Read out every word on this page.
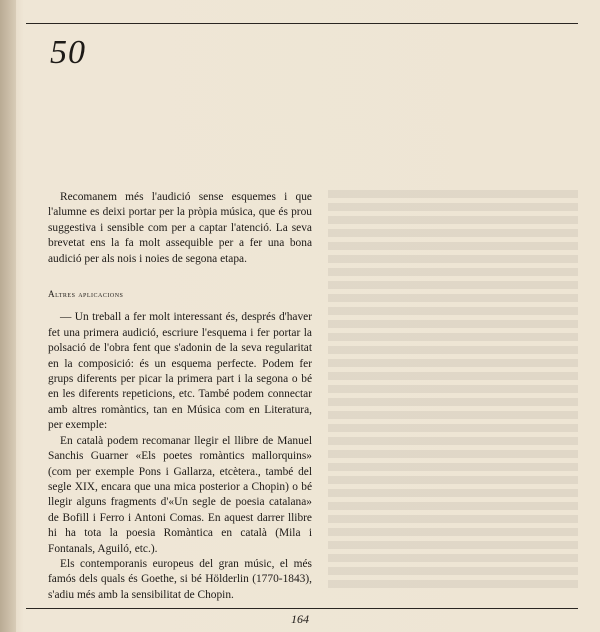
50

Recomanem més l'audició sense esquemes i que l'alumne es deixi portar per la pròpia música, que és prou suggestiva i sensible com per a captar l'atenció. La seva brevetat ens la fa molt assequible per a fer una bona audició per als nois i noies de segona etapa.

Altres aplicacions

— Un treball a fer molt interessant és, després d'haver fet una primera audició, escriure l'esquema i fer portar la polsació de l'obra fent que s'adonin de la seva regularitat en la composició: és un esquema perfecte. Podem fer grups diferents per picar la primera part i la segona o bé en les diferents repeticions, etc. També podem connectar amb altres romàntics, tan en Música com en Literatura, per exemple:

En català podem recomanar llegir el llibre de Manuel Sanchis Guarner «Els poetes romàntics mallorquins» (com per exemple Pons i Gallarza, etcètera., també del segle XIX, encara que una mica posterior a Chopin) o bé llegir alguns fragments d'«Un segle de poesia catalana» de Bofill i Ferro i Antoni Comas. En aquest darrer llibre hi ha tota la poesia Romàntica en català (Mila i Fontanals, Aguiló, etc.).

Els contemporanis europeus del gran músic, el més famós dels quals és Goethe, si bé Hölderlin (1770-1843), s'adiu més amb la sensibilitat de Chopin.

164
